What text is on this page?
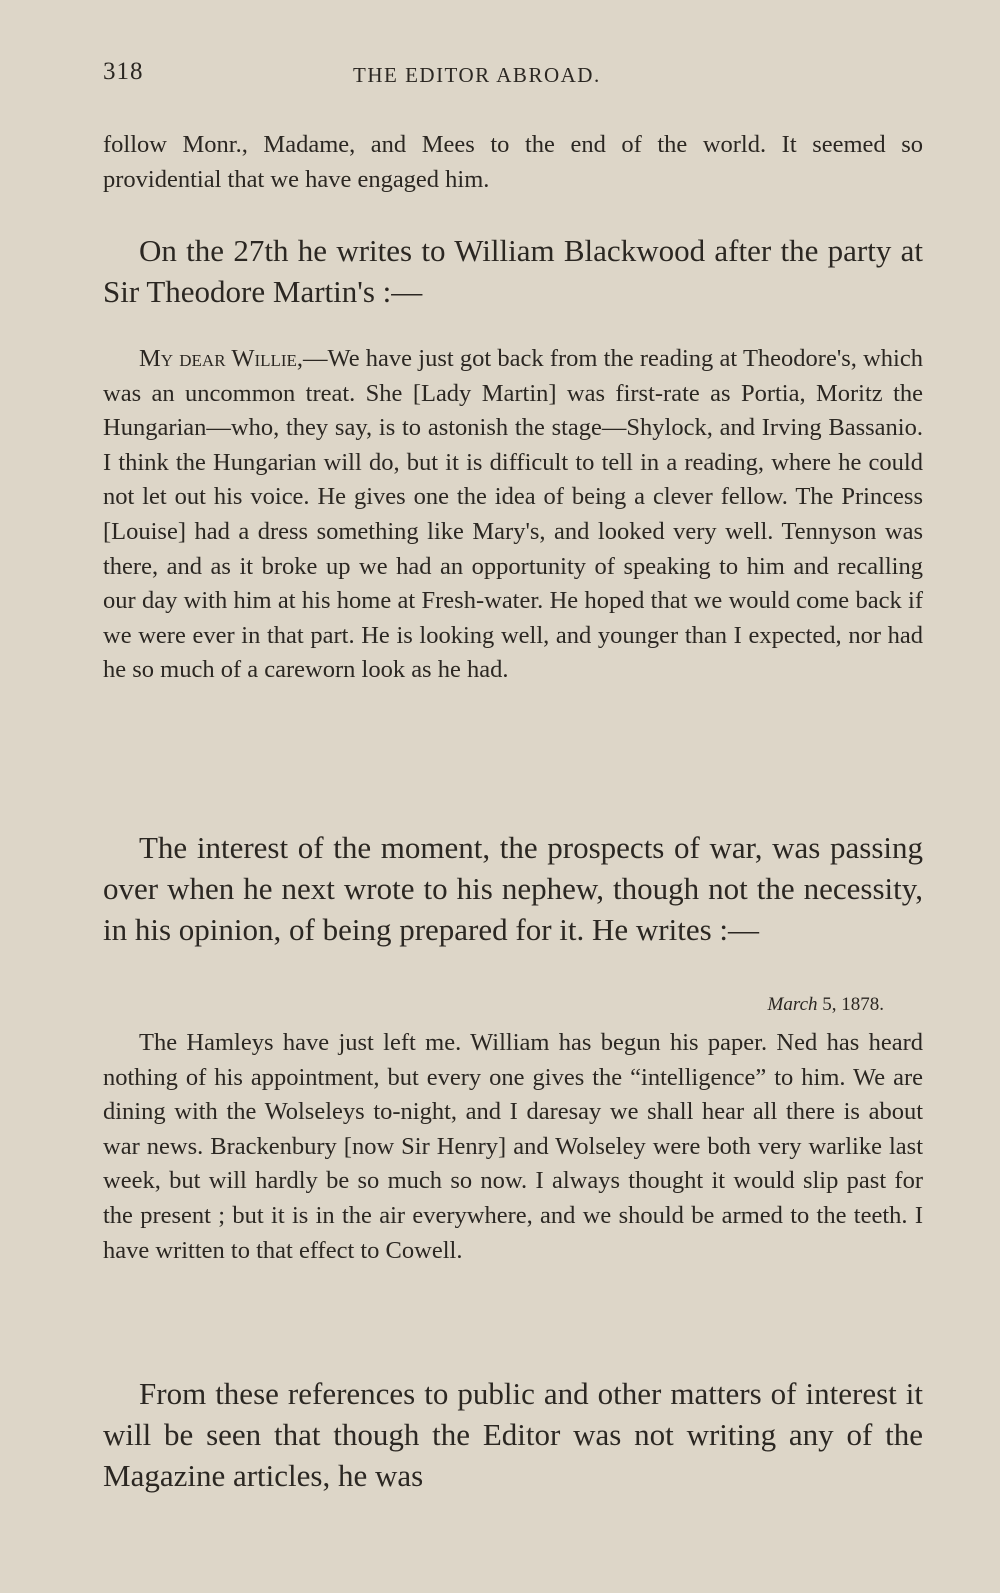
318	THE EDITOR ABROAD.

follow Monr., Madame, and Mees to the end of the world. It seemed so providential that we have engaged him.

On the 27th he writes to William Blackwood after the party at Sir Theodore Martin's :—

My dear Willie,—We have just got back from the reading at Theodore's, which was an uncommon treat. She [Lady Martin] was first-rate as Portia, Moritz the Hungarian—who, they say, is to astonish the stage—Shylock, and Irving Bassanio. I think the Hungarian will do, but it is difficult to tell in a reading, where he could not let out his voice. He gives one the idea of being a clever fellow. The Princess [Louise] had a dress something like Mary's, and looked very well. Tennyson was there, and as it broke up we had an opportunity of speaking to him and recalling our day with him at his home at Fresh-water. He hoped that we would come back if we were ever in that part. He is looking well, and younger than I expected, nor had he so much of a careworn look as he had.

The interest of the moment, the prospects of war, was passing over when he next wrote to his nephew, though not the necessity, in his opinion, of being prepared for it. He writes :—

March 5, 1878.

The Hamleys have just left me. William has begun his paper. Ned has heard nothing of his appointment, but every one gives the “intelligence” to him. We are dining with the Wolseleys to-night, and I daresay we shall hear all there is about war news. Brackenbury [now Sir Henry] and Wolseley were both very warlike last week, but will hardly be so much so now. I always thought it would slip past for the present ; but it is in the air everywhere, and we should be armed to the teeth. I have written to that effect to Cowell.

From these references to public and other matters of interest it will be seen that though the Editor was not writing any of the Magazine articles, he was
